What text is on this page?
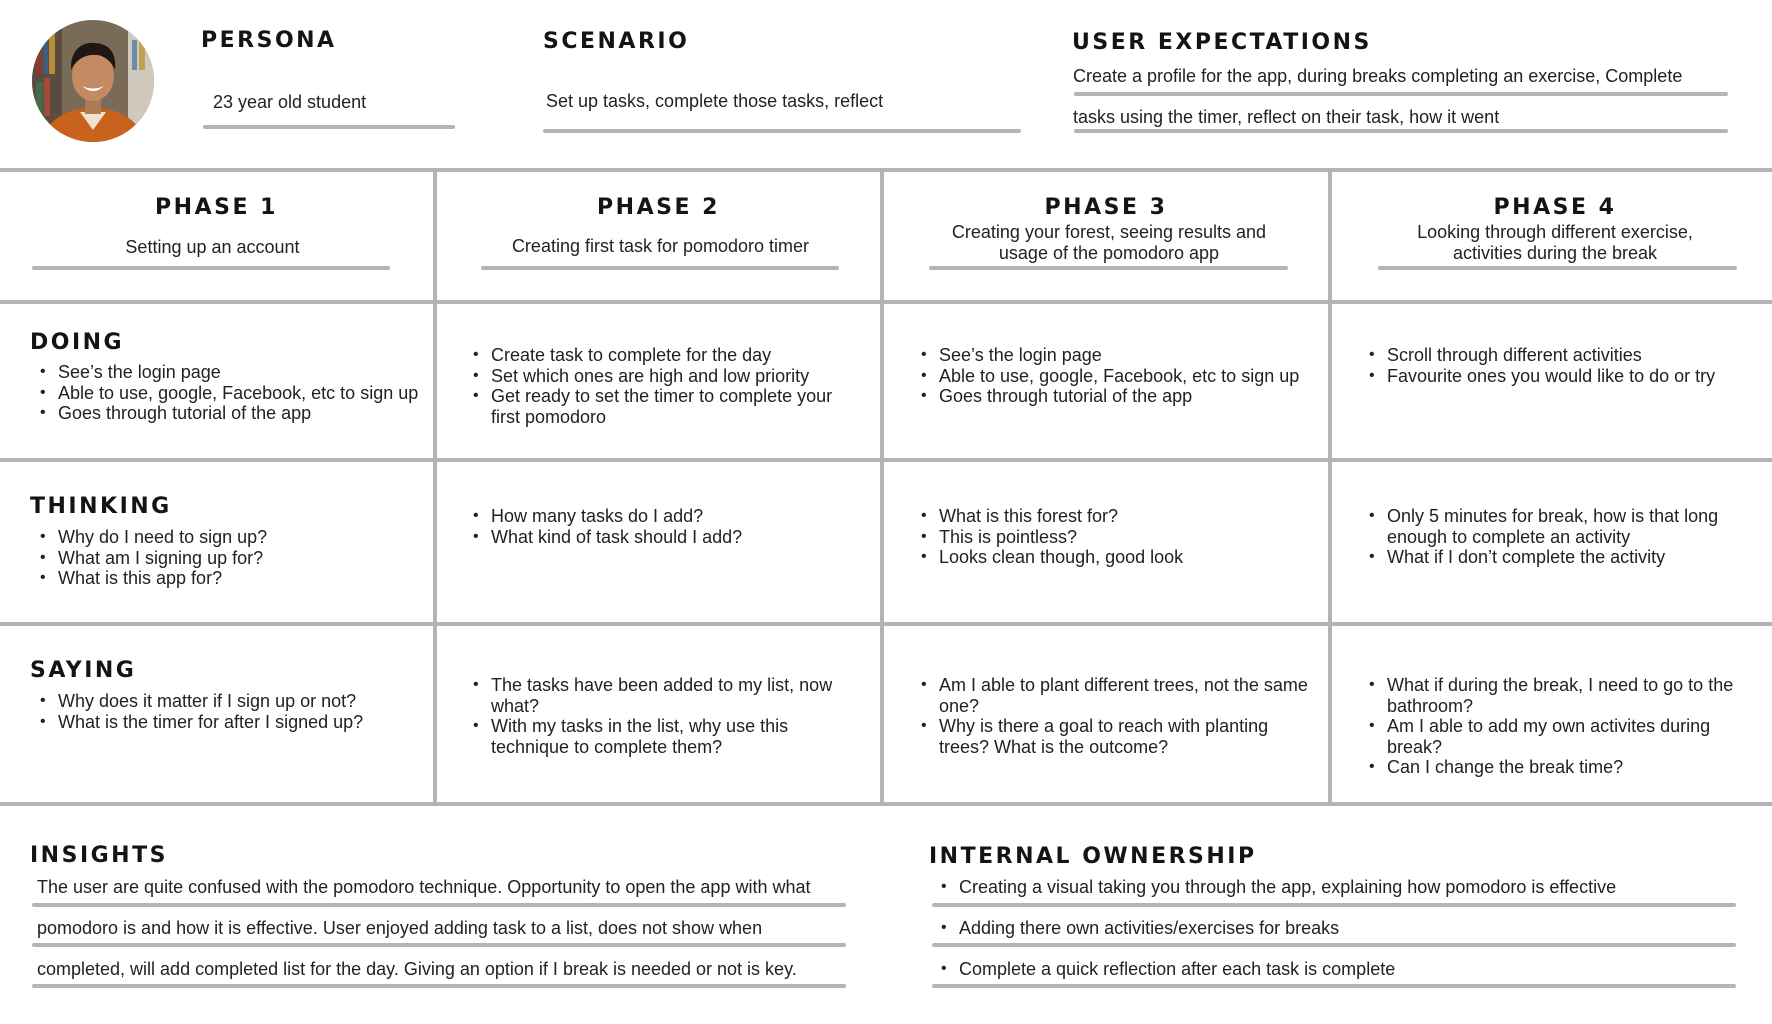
PERSONA
23 year old student
SCENARIO
Set up tasks, complete those tasks, reflect
USER EXPECTATIONS
Create a profile for the app, during breaks completing an exercise, Complete
tasks using the timer, reflect on their task, how it went
PHASE 1
Setting up an account
PHASE 2
Creating first task for pomodoro timer
PHASE 3
Creating your forest, seeing results and usage of the pomodoro app
PHASE 4
Looking through different exercise, activities during the break
DOING
• See’s the login page
• Able to use, google, Facebook, etc to sign up
• Goes through tutorial of the app
• Create task to complete for the day
• Set which ones are high and low priority
• Get ready to set the timer to complete your first pomodoro
• See’s the login page
• Able to use, google, Facebook, etc to sign up
• Goes through tutorial of the app
• Scroll through different activities
• Favourite ones you would like to do or try
THINKING
• Why do I need to sign up?
• What am I signing up for?
• What is this app for?
• How many tasks do I add?
• What kind of task should I add?
• What is this forest for?
• This is pointless?
• Looks clean though, good look
• Only 5 minutes for break, how is that long enough to complete an activity
• What if I don’t complete the activity
SAYING
• Why does it matter if I sign up or not?
• What is the timer for after I signed up?
• The tasks have been added to my list, now what?
• With my tasks in the list, why use this technique to complete them?
• Am I able to plant different trees, not the same one?
• Why is there a goal to reach with planting trees? What is the outcome?
• What if during the break, I need to go to the bathroom?
• Am I able to add my own activites during break?
• Can I change the break time?
INSIGHTS
The user are quite confused with the pomodoro technique. Opportunity to open the app with what
pomodoro is and how it is effective. User enjoyed adding task to a list, does not show when
completed, will add completed list for the day. Giving an option if I break is needed or not is key.
INTERNAL OWNERSHIP
• Creating a visual taking you through the app, explaining how pomodoro is effective
• Adding there own activities/exercises for breaks
• Complete a quick reflection after each task is complete
